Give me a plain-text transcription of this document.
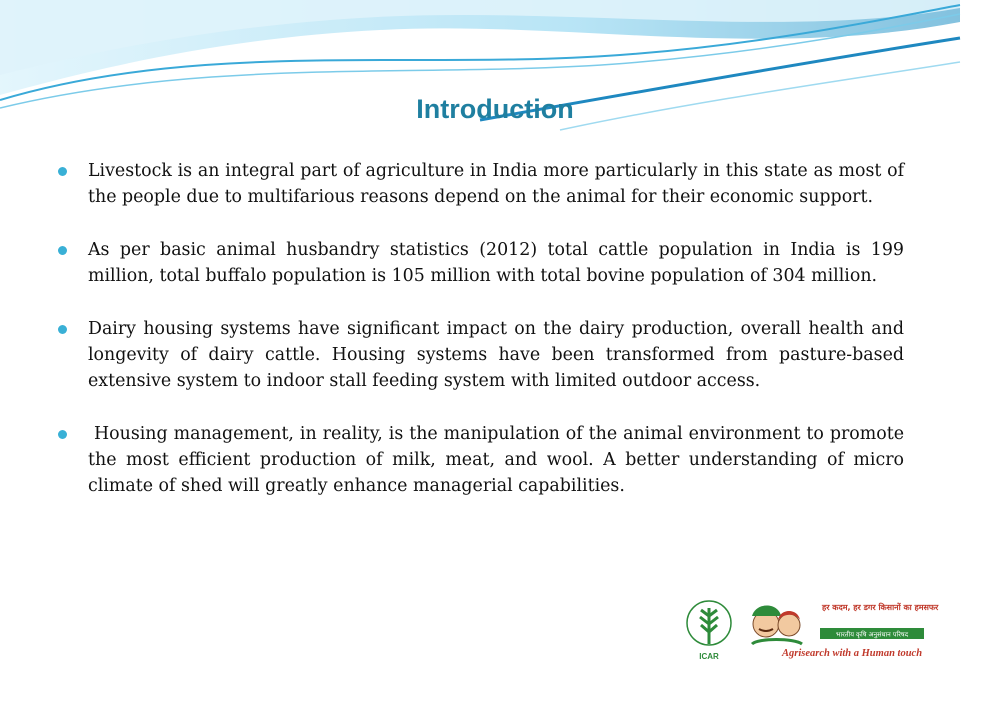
Introduction
Livestock is an integral part of agriculture in India more particularly in this state as most of the people due to multifarious reasons depend on the animal for their economic support.
As per basic animal husbandry statistics (2012) total cattle population in India is 199 million, total buffalo population is 105 million with total bovine population of 304 million.
Dairy housing systems have significant impact on the dairy production, overall health and longevity of dairy cattle. Housing systems have been transformed from pasture-based extensive system to indoor stall feeding system with limited outdoor access.
Housing management, in reality, is the manipulation of the animal environment to promote the most efficient production of milk, meat, and wool. A better understanding of micro climate of shed will greatly enhance managerial capabilities.
ICAR
हर कदम, हर डगर किसानों का हमसफर
भारतीय कृषि अनुसंधान परिषद
Agrisearch with a Human touch
